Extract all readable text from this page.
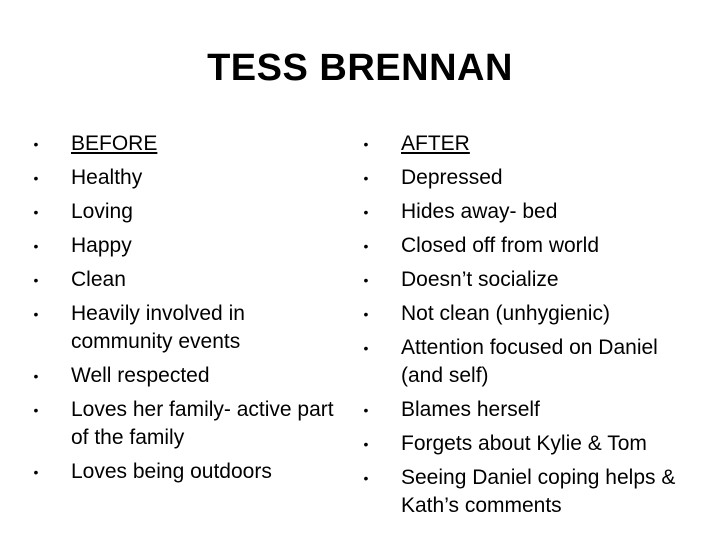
TESS BRENNAN
• BEFORE
• Healthy
• Loving
• Happy
• Clean
• Heavily involved in community events
• Well respected
• Loves her family- active part of the family
• Loves being outdoors
• AFTER
• Depressed
• Hides away- bed
• Closed off from world
• Doesn’t socialize
• Not clean (unhygienic)
• Attention focused on Daniel (and self)
• Blames herself
• Forgets about Kylie & Tom
• Seeing Daniel coping helps & Kath’s comments
